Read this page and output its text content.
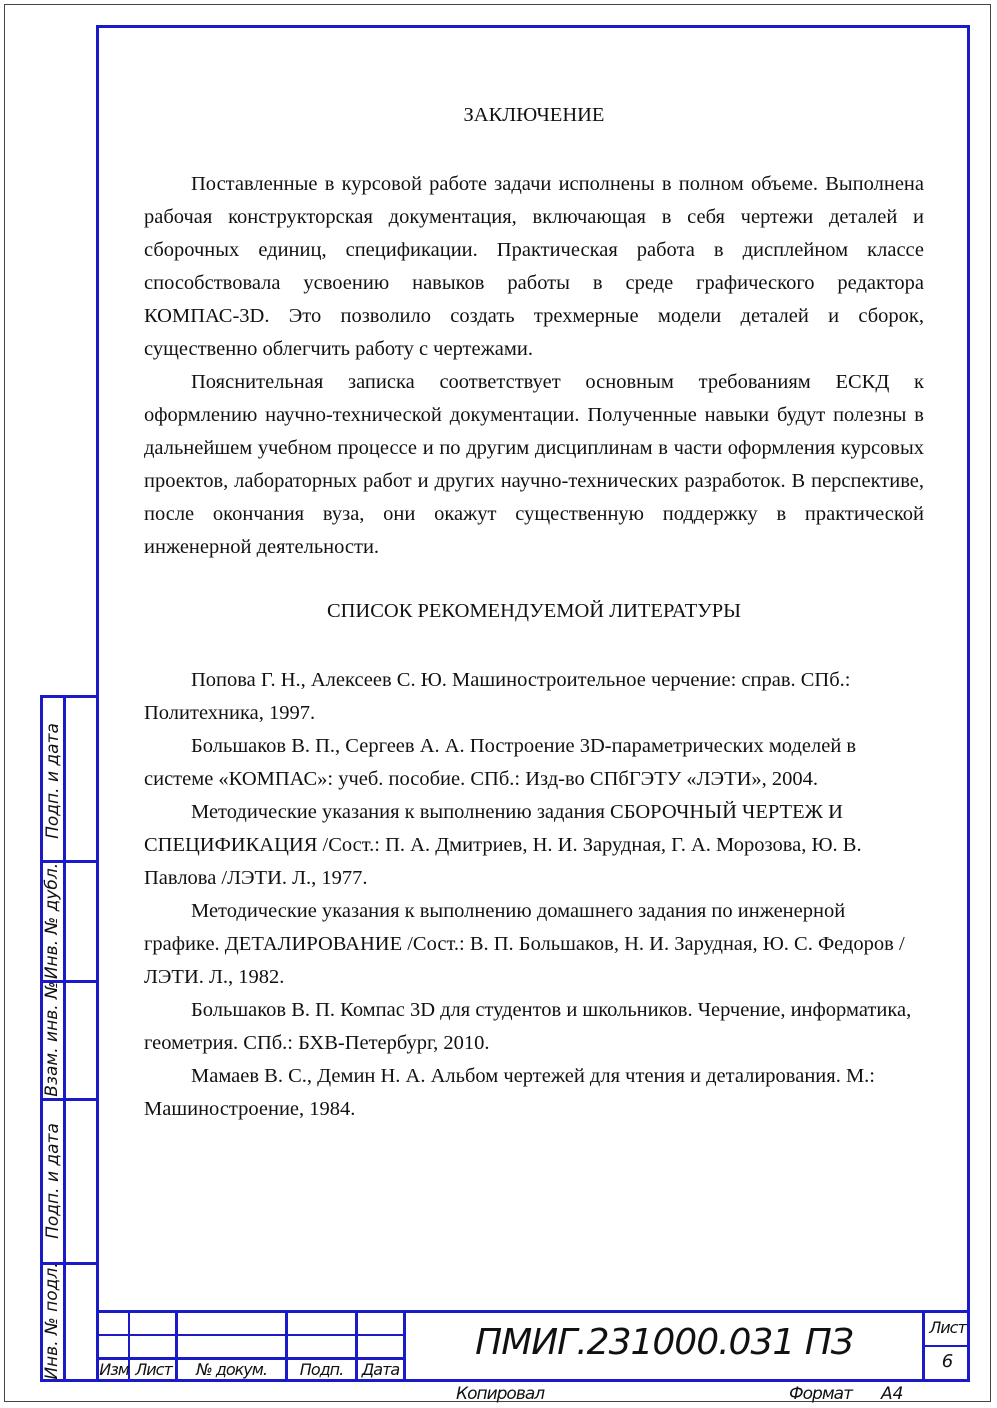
ЗАКЛЮЧЕНИЕ

Поставленные в курсовой работе задачи исполнены в полном объеме. Выполнена рабочая конструкторская документация, включающая в себя чертежи деталей и сборочных единиц, спецификации. Практическая работа в дисплейном классе способствовала усвоению навыков работы в среде графического редактора КОМПАС-3D. Это позволило создать трехмерные модели деталей и сборок, существенно облегчить работу с чертежами.

Пояснительная записка соответствует основным требованиям ЕСКД к оформлению научно-технической документации. Полученные навыки будут полезны в дальнейшем учебном процессе и по другим дисциплинам в части оформления курсовых проектов, лабораторных работ и других научно-технических разработок. В перспективе, после окончания вуза, они окажут существенную поддержку в практической инженерной деятельности.

СПИСОК РЕКОМЕНДУЕМОЙ ЛИТЕРАТУРЫ

Попова Г. Н., Алексеев С. Ю. Машиностроительное черчение: справ. СПб.: Политехника, 1997.

Большаков В. П., Сергеев А. А. Построение 3D-параметрических моделей в системе «КОМПАС»: учеб. пособие. СПб.: Изд-во СПбГЭТУ «ЛЭТИ», 2004.

Методические указания к выполнению задания СБОРОЧНЫЙ ЧЕРТЕЖ И СПЕЦИФИКАЦИЯ /Сост.: П. А. Дмитриев, Н. И. Зарудная, Г. А. Морозова, Ю. В. Павлова /ЛЭТИ. Л., 1977.

Методические указания к выполнению домашнего задания по инженерной графике. ДЕТАЛИРОВАНИЕ /Сост.: В. П. Большаков, Н. И. Зарудная, Ю. С. Федоров /ЛЭТИ. Л., 1982.

Большаков В. П. Компас 3D для студентов и школьников. Черчение, информатика, геометрия. СПб.: БХВ-Петербург, 2010.

Мамаев В. С., Демин Н. А. Альбом чертежей для чтения и деталирования. М.: Машиностроение, 1984.

Подп. и дата
Инв. № дубл.
Взам. инв. №
Подп. и дата
Инв. № подл. Изм Лист	№ докум.	Подп.	Дата
ПМИГ.231000.031 ПЗ	Лист
6
Копировал	Формат А4
